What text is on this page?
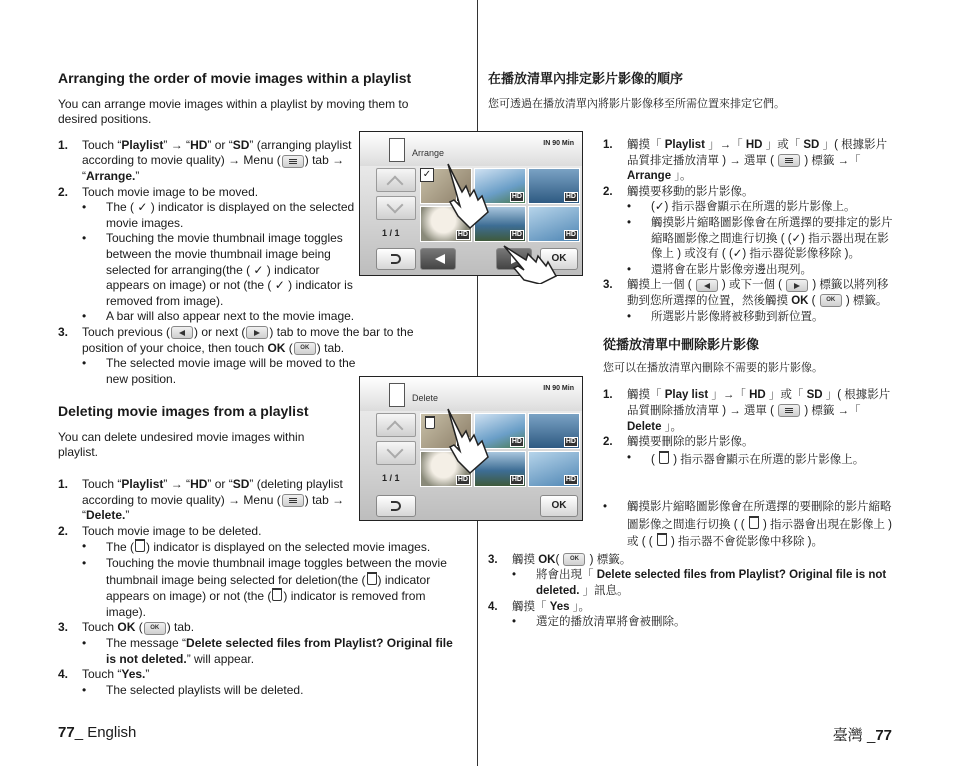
Arranging the order of movie images within a playlist

You can arrange movie images within a playlist by moving them to desired positions.

1. Touch “Playlist” → “HD” or “SD” (arranging playlist according to movie quality) → Menu ( ) tab → “Arrange.”
2. Touch movie image to be moved.
• The ( ✓ ) indicator is displayed on the selected movie images.
• Touching the movie thumbnail image toggles between the movie thumbnail image being selected for arranging(the ( ✓ ) indicator appears on image) or not (the ( ✓ ) indicator is removed from image).
• A bar will also appear next to the movie image.
3. Touch previous ( ) or next ( ) tab to move the bar to the position of your choice, then touch OK ( OK ) tab.
• The selected movie image will be moved to the new position.

Deleting movie images from a playlist

You can delete undesired movie images within playlist.

1. Touch “Playlist” → “HD” or “SD” (deleting playlist according to movie quality) → Menu ( ) tab → “Delete.”
2. Touch movie image to be deleted.
• The ( ) indicator is displayed on the selected movie images.
• Touching the movie thumbnail image toggles between the movie thumbnail image being selected for deletion(the ( ) indicator appears on image) or not (the ( ) indicator is removed from image).
3. Touch OK ( OK ) tab.
• The message “Delete selected files from Playlist? Original file is not deleted.” will appear.
4. Touch “Yes.”
• The selected playlists will be deleted.
Arrange
IN 90 Min
1 / 1
✓
HD	HD
HD	HD	HD
OK
Delete
IN 90 Min
1 / 1
HD	HD
HD	HD	HD
OK

在播放清單內排定影片影像的順序

您可透過在播放清單內將影片影像移至所需位置來排定它們。

1. 觸摸「 Playlist 」→「 HD 」或「 SD 」( 根據影片品質排定播放清單 ) → 選單 (  ) 標籤 →「 Arrange 」。
2. 觸摸要移動的影片影像。
• (✓) 指示器會顯示在所選的影片影像上。
• 觸摸影片縮略圖影像會在所選擇的要排定的影片縮略圖影像之間進行切換 ( (✓) 指示器出現在影像上 ) 或沒有 ( (✓) 指示器從影像移除 )。
• 還將會在影片影像旁邊出現列。
3. 觸摸上一個 (  ) 或下一個 (  ) 標籤以將列移動到您所選擇的位置，然後觸摸 OK ( OK ) 標籤。
• 所選影片影像將被移動到新位置。

從播放清單中刪除影片影像

您可以在播放清單內刪除不需要的影片影像。

1. 觸摸「 Play list 」→「 HD 」或「 SD 」( 根據影片品質刪除播放清單 ) → 選單 (  ) 標籤 →「 Delete 」。
2. 觸摸要刪除的影片影像。
• (  ) 指示器會顯示在所選的影片影像上。
• 觸摸影片縮略圖影像會在所選擇的要刪除的影片縮略圖影像之間進行切換 ( (  ) 指示器會出現在影像上 ) 或 ( (  ) 指示器不會從影像中移除 )。
3. 觸摸 OK( OK ) 標籤。
• 將會出現「 Delete selected files from Playlist? Original file is not deleted. 」訊息。
4. 觸摸「 Yes 」。
• 選定的播放清單將會被刪除。
77_ English	臺灣 _77
